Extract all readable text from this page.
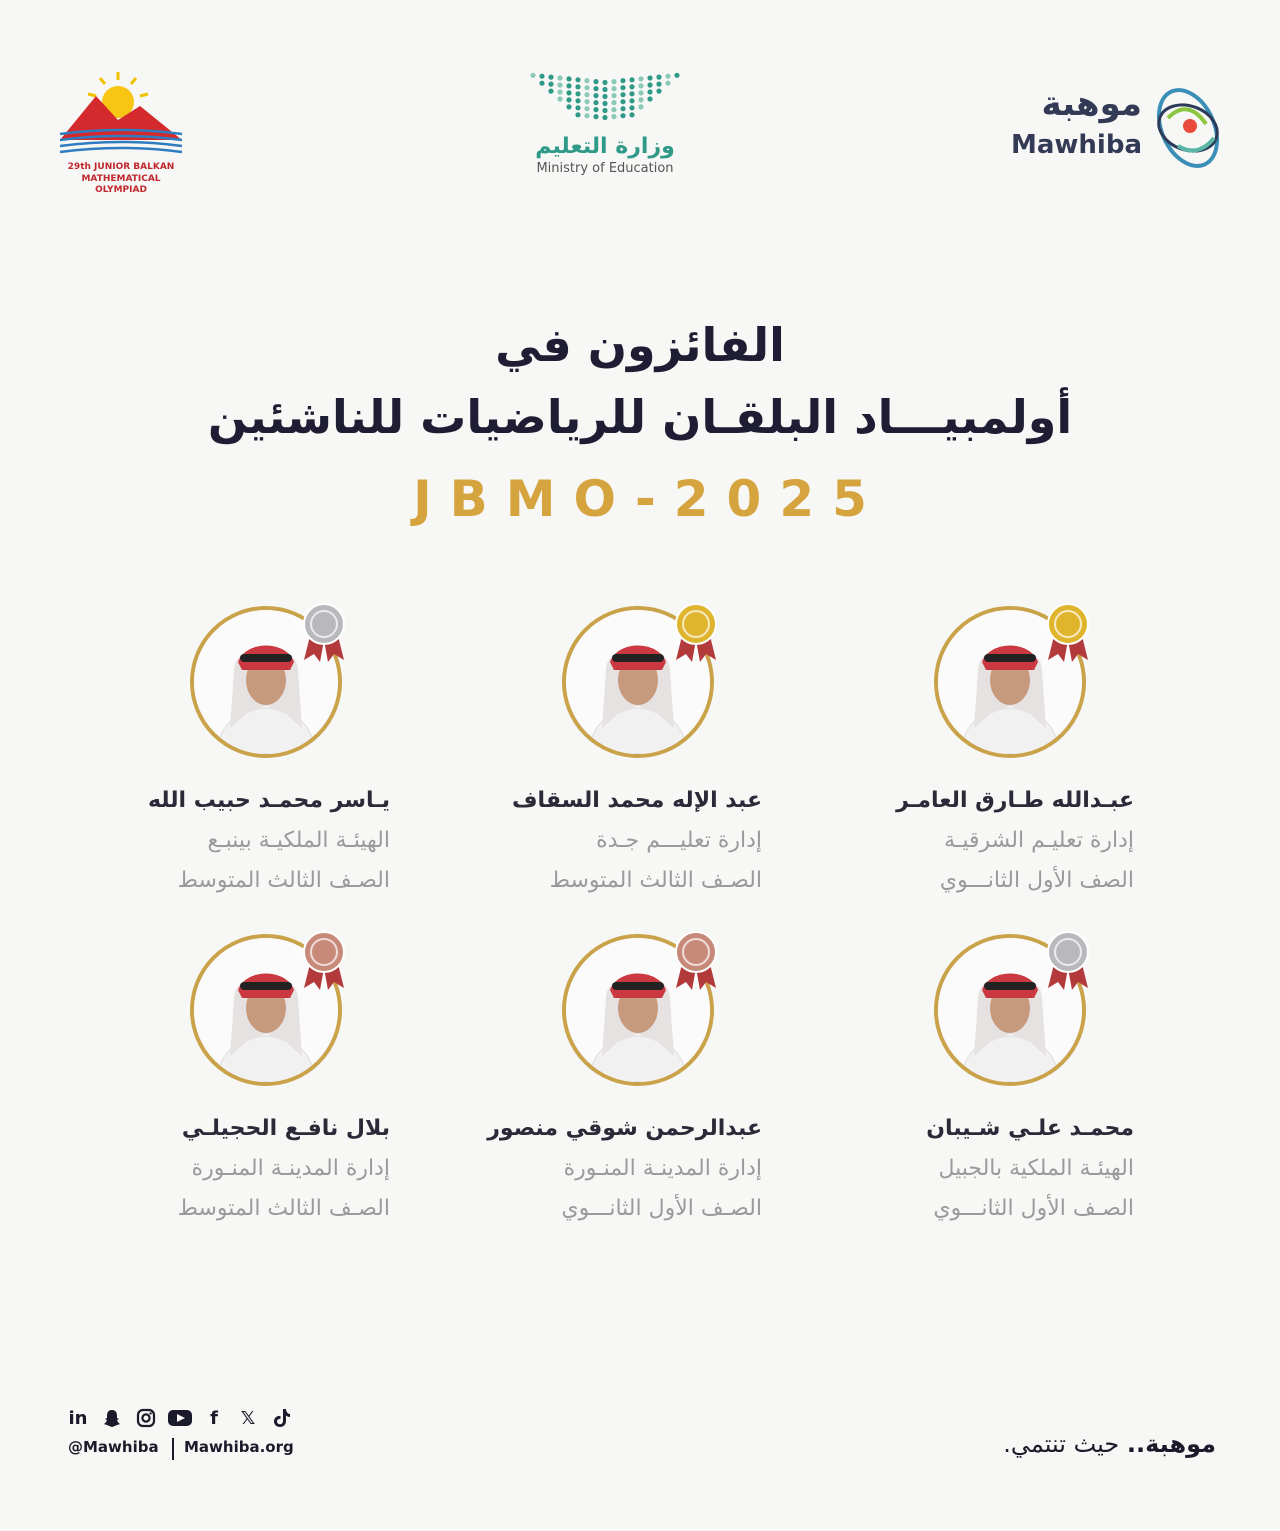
29th JUNIOR BALKAN
MATHEMATICAL OLYMPIAD
وزارة التعليم
Ministry of Education
موهبة
Mawhiba
الفائزون في
أولمبيـــاد البلقـان للرياضيات للناشئين
JBMO-2025
عبـدالله طـارق العامـر
إدارة تعليـم الشرقيـة
الصف الأول الثانـــوي
عبد الإله محمد السقاف
إدارة تعليـــم جـدة
الصـف الثالث المتوسط
يـاسر محمـد حبيب الله
الهيئـة الملكيـة بينبـع
الصـف الثالث المتوسط
محمـد علـي شـيبان
الهيئـة الملكية بالجبيل
الصـف الأول الثانـــوي
عبدالرحمن شوقي منصور
إدارة المدينـة المنـورة
الصـف الأول الثانـــوي
بلال نافـع الحجيلـي
إدارة المدينـة المنـورة
الصـف الثالث المتوسط
in	f	𝕏
@Mawhiba Mawhiba.org	موهبة.. حيث تنتمي.
